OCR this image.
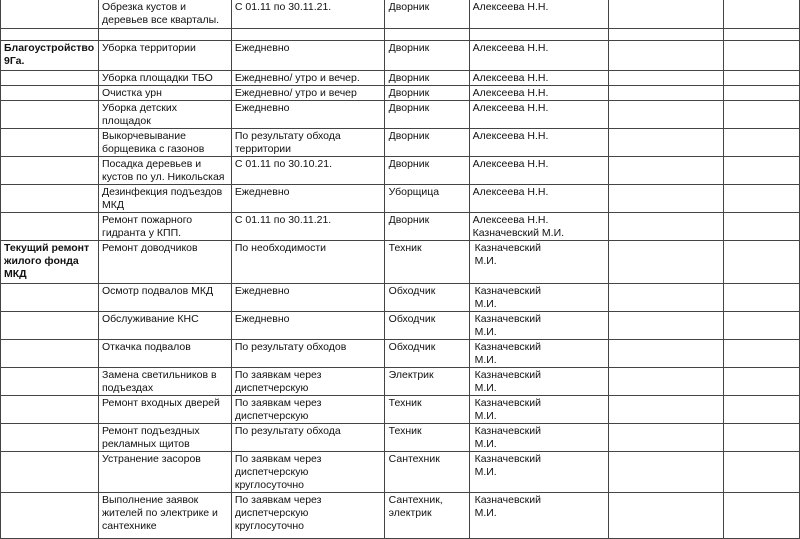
	Обрезка кустов и
деревьев все кварталы.	С 01.11 по 30.11.21.	Дворник	Алексеева Н.Н.		

Благоустройство
9Га.	Уборка территории	Ежедневно	Дворник	Алексеева Н.Н.		
	Уборка площадки ТБО	Ежедневно/ утро и вечер.	Дворник	Алексеева Н.Н.		
	Очистка урн	Ежедневно/ утро и вечер	Дворник	Алексеева Н.Н.		
	Уборка детских
площадок	Ежедневно	Дворник	Алексеева Н.Н.		
	Выкорчевывание
борщевика с газонов	По результату обхода
территории	Дворник	Алексеева Н.Н.		
	Посадка деревьев и
кустов по ул. Никольская	С 01.11 по 30.10.21.	Дворник	Алексеева Н.Н.		
	Дезинфекция подъездов
МКД	Ежедневно	Уборщица	Алексеева Н.Н.		
	Ремонт пожарного
гидранта у КПП.	С 01.11 по 30.11.21.	Дворник	Алексеева Н.Н.
Казначевский М.И.		
Текущий ремонт
жилого фонда
МКД	Ремонт доводчиков	По необходимости	Техник	Казначевский
М.И.		
	Осмотр подвалов МКД	Ежедневно	Обходчик	Казначевский
М.И.		
	Обслуживание КНС	Ежедневно	Обходчик	Казначевский
М.И.		
	Откачка подвалов	По результату обходов	Обходчик	Казначевский
М.И.		
	Замена светильников в
подъездах	По заявкам через
диспетчерскую	Электрик	Казначевский
М.И.		
	Ремонт входных дверей	По заявкам через
диспетчерскую	Техник	Казначевский
М.И.		
	Ремонт подъездных
рекламных щитов	По результату обхода	Техник	Казначевский
М.И.		
	Устранение засоров	По заявкам через
диспетчерскую
круглосуточно	Сантехник	Казначевский
М.И.		
	Выполнение заявок
жителей по электрике и
сантехнике	По заявкам через
диспетчерскую
круглосуточно	Сантехник,
электрик	Казначевский
М.И.		
